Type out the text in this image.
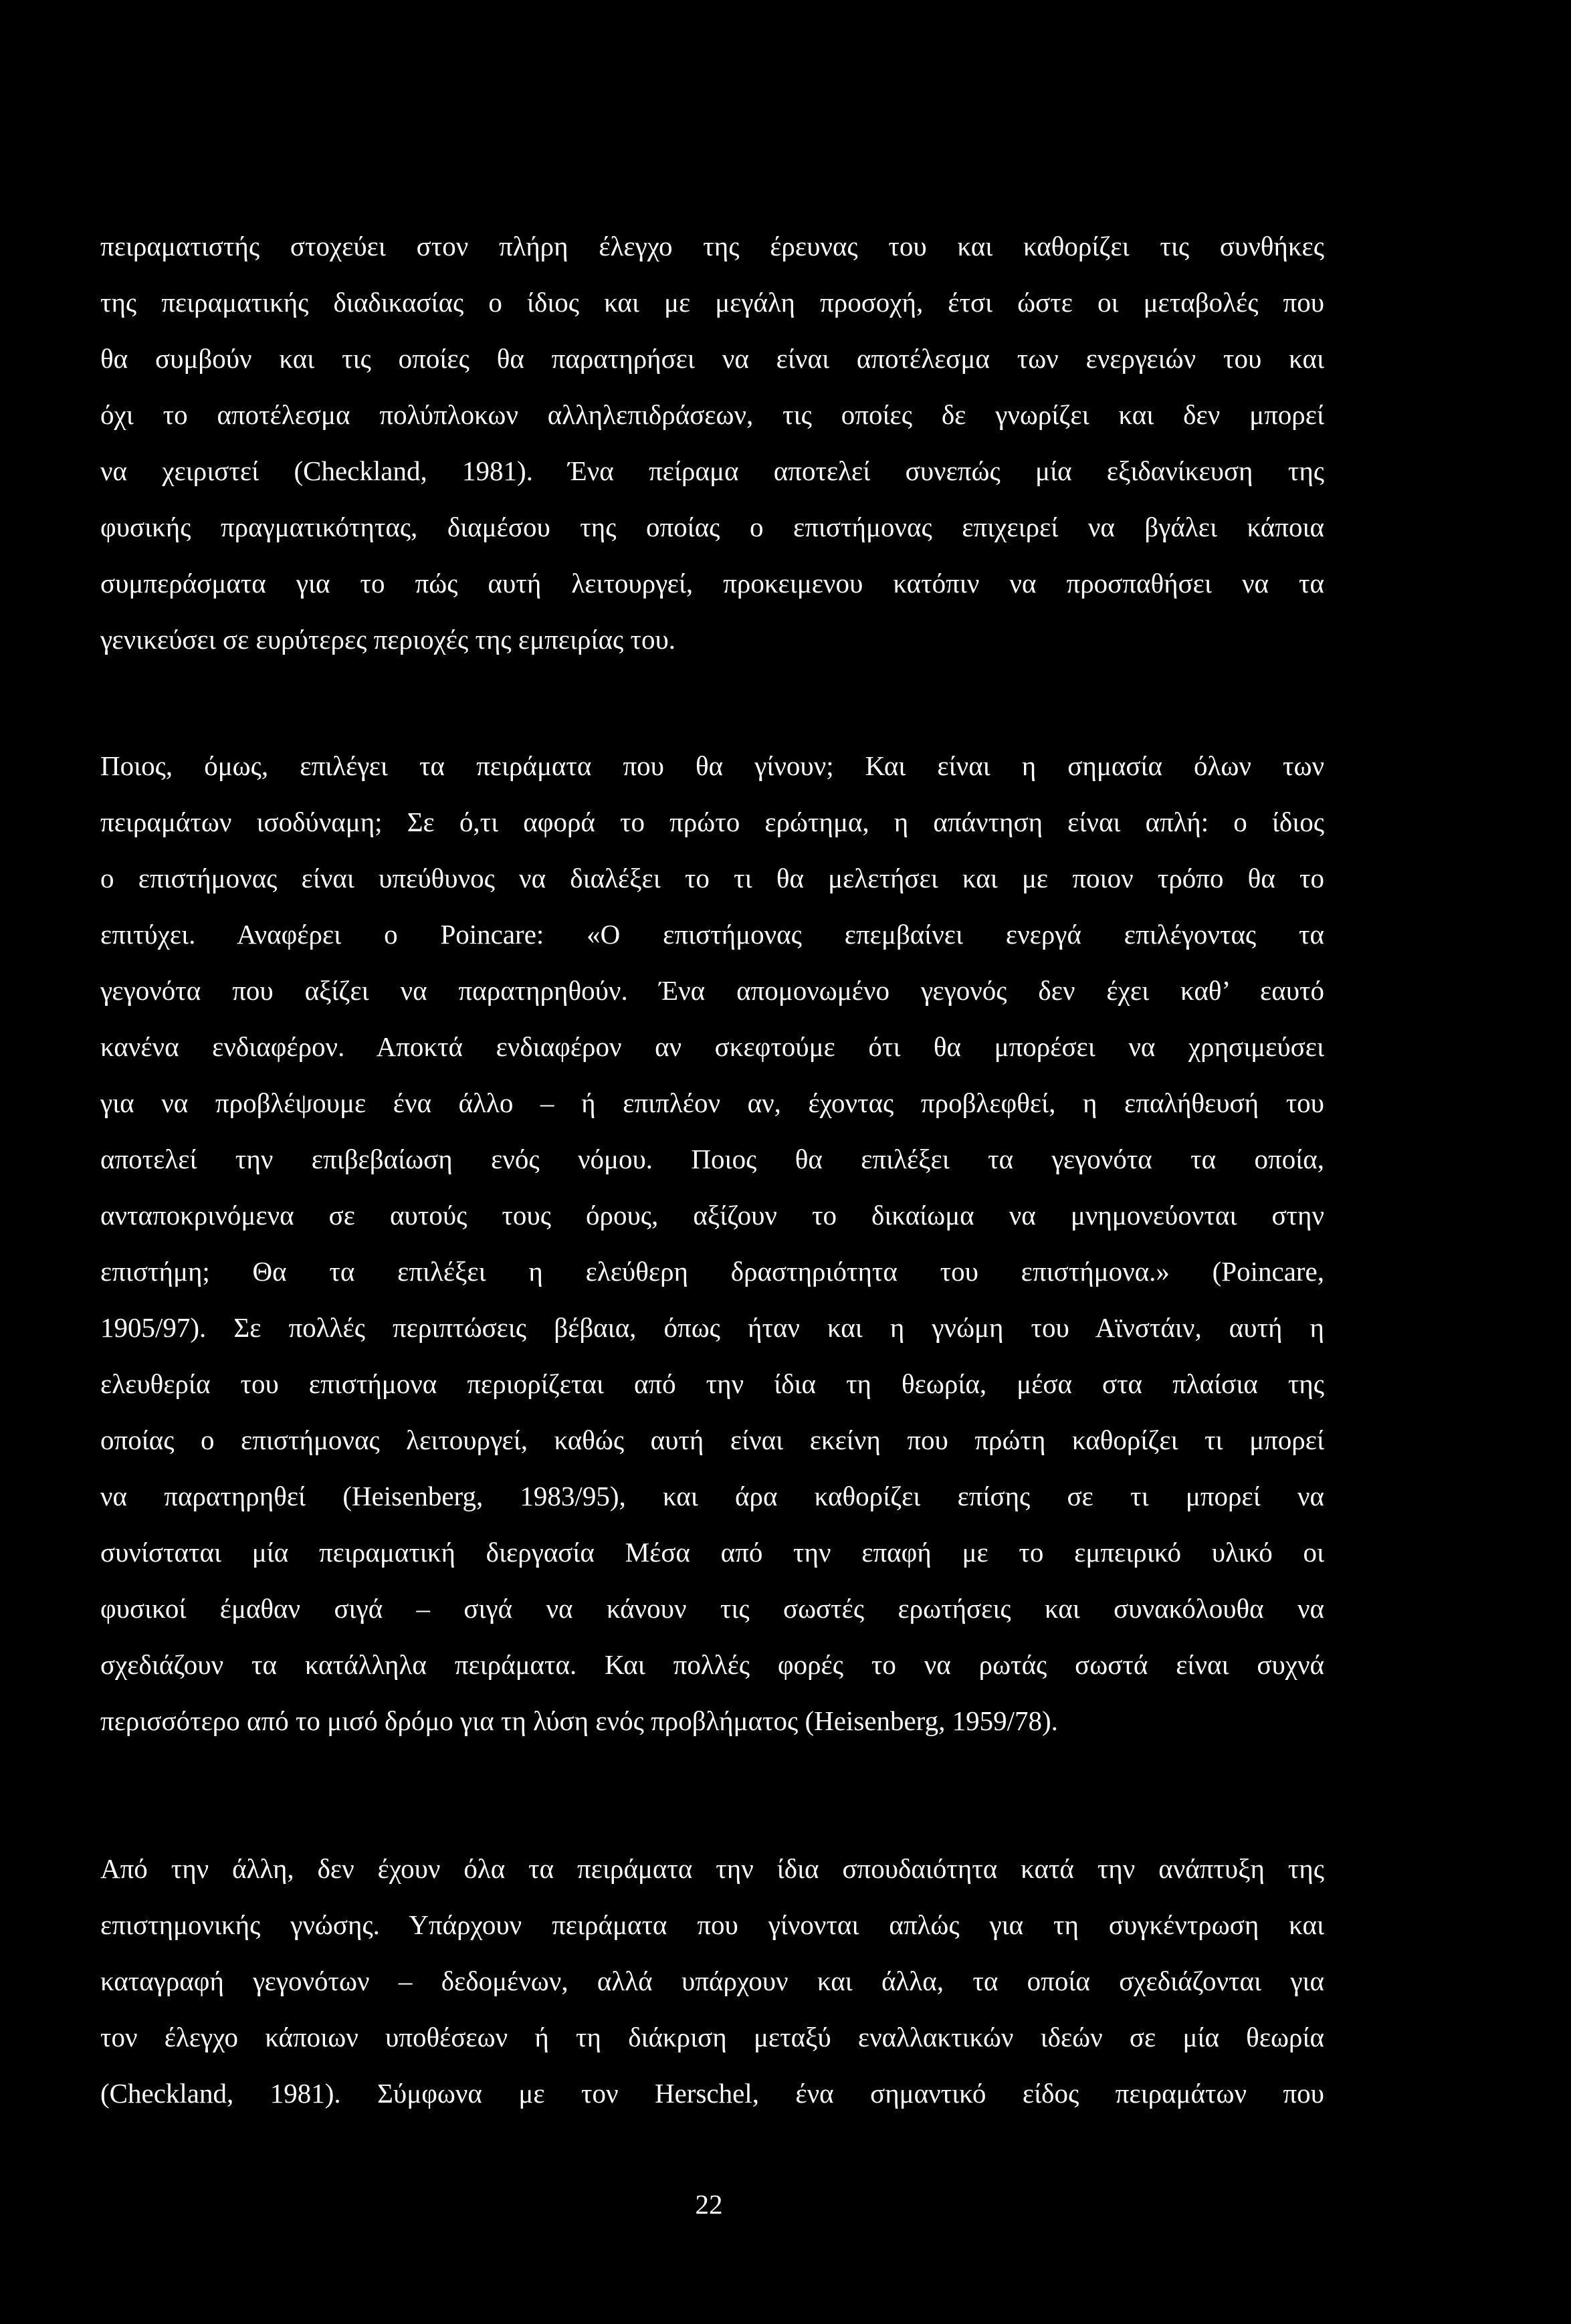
πειραματιστής στοχεύει στον πλήρη έλεγχο της έρευνας του και καθορίζει τις συνθήκες

της πειραματικής διαδικασίας ο ίδιος και με μεγάλη προσοχή, έτσι ώστε οι μεταβολές που

θα συμβούν και τις οποίες θα παρατηρήσει να είναι αποτέλεσμα των ενεργειών του και

όχι το αποτέλεσμα πολύπλοκων αλληλεπιδράσεων, τις οποίες δε γνωρίζει και δεν μπορεί

να χειριστεί (Checkland, 1981). Ένα πείραμα αποτελεί συνεπώς μία εξιδανίκευση της

φυσικής πραγματικότητας, διαμέσου της οποίας ο επιστήμονας επιχειρεί να βγάλει κάποια

συμπεράσματα για το πώς αυτή λειτουργεί, προκειμενου κατόπιν να προσπαθήσει να τα

γενικεύσει σε ευρύτερες περιοχές της εμπειρίας του.

Ποιος, όμως, επιλέγει τα πειράματα που θα γίνουν; Και είναι η σημασία όλων των

πειραμάτων ισοδύναμη; Σε ό,τι αφορά το πρώτο ερώτημα, η απάντηση είναι απλή: ο ίδιος

ο επιστήμονας είναι υπεύθυνος να διαλέξει το τι θα μελετήσει και με ποιον τρόπο θα το

επιτύχει. Αναφέρει ο Poincare: «Ο επιστήμονας επεμβαίνει ενεργά επιλέγοντας τα

γεγονότα που αξίζει να παρατηρηθούν. Ένα απομονωμένο γεγονός δεν έχει καθ’ εαυτό

κανένα ενδιαφέρον. Αποκτά ενδιαφέρον αν σκεφτούμε ότι θα μπορέσει να χρησιμεύσει

για να προβλέψουμε ένα άλλο – ή επιπλέον αν, έχοντας προβλεφθεί, η επαλήθευσή του

αποτελεί την επιβεβαίωση ενός νόμου. Ποιος θα επιλέξει τα γεγονότα τα οποία,

ανταποκρινόμενα σε αυτούς τους όρους, αξίζουν το δικαίωμα να μνημονεύονται στην

επιστήμη; Θα τα επιλέξει η ελεύθερη δραστηριότητα του επιστήμονα.» (Poincare,

1905/97). Σε πολλές περιπτώσεις βέβαια, όπως ήταν και η γνώμη του Αϊνστάιν, αυτή η

ελευθερία του επιστήμονα περιορίζεται από την ίδια τη θεωρία, μέσα στα πλαίσια της

οποίας ο επιστήμονας λειτουργεί, καθώς αυτή είναι εκείνη που πρώτη καθορίζει τι μπορεί

να παρατηρηθεί (Heisenberg, 1983/95), και άρα καθορίζει επίσης σε τι μπορεί να

συνίσταται μία πειραματική διεργασία Μέσα από την επαφή με το εμπειρικό υλικό οι

φυσικοί έμαθαν σιγά – σιγά να κάνουν τις σωστές ερωτήσεις και συνακόλουθα να

σχεδιάζουν τα κατάλληλα πειράματα. Και πολλές φορές το να ρωτάς σωστά είναι συχνά

περισσότερο από το μισό δρόμο για τη λύση ενός προβλήματος (Heisenberg, 1959/78).

Από την άλλη, δεν έχουν όλα τα πειράματα την ίδια σπουδαιότητα κατά την ανάπτυξη της

επιστημονικής γνώσης. Υπάρχουν πειράματα που γίνονται απλώς για τη συγκέντρωση και

καταγραφή γεγονότων – δεδομένων, αλλά υπάρχουν και άλλα, τα οποία σχεδιάζονται για

τον έλεγχο κάποιων υποθέσεων ή τη διάκριση μεταξύ εναλλακτικών ιδεών σε μία θεωρία

(Checkland, 1981). Σύμφωνα με τον Herschel, ένα σημαντικό είδος πειραμάτων που

22
